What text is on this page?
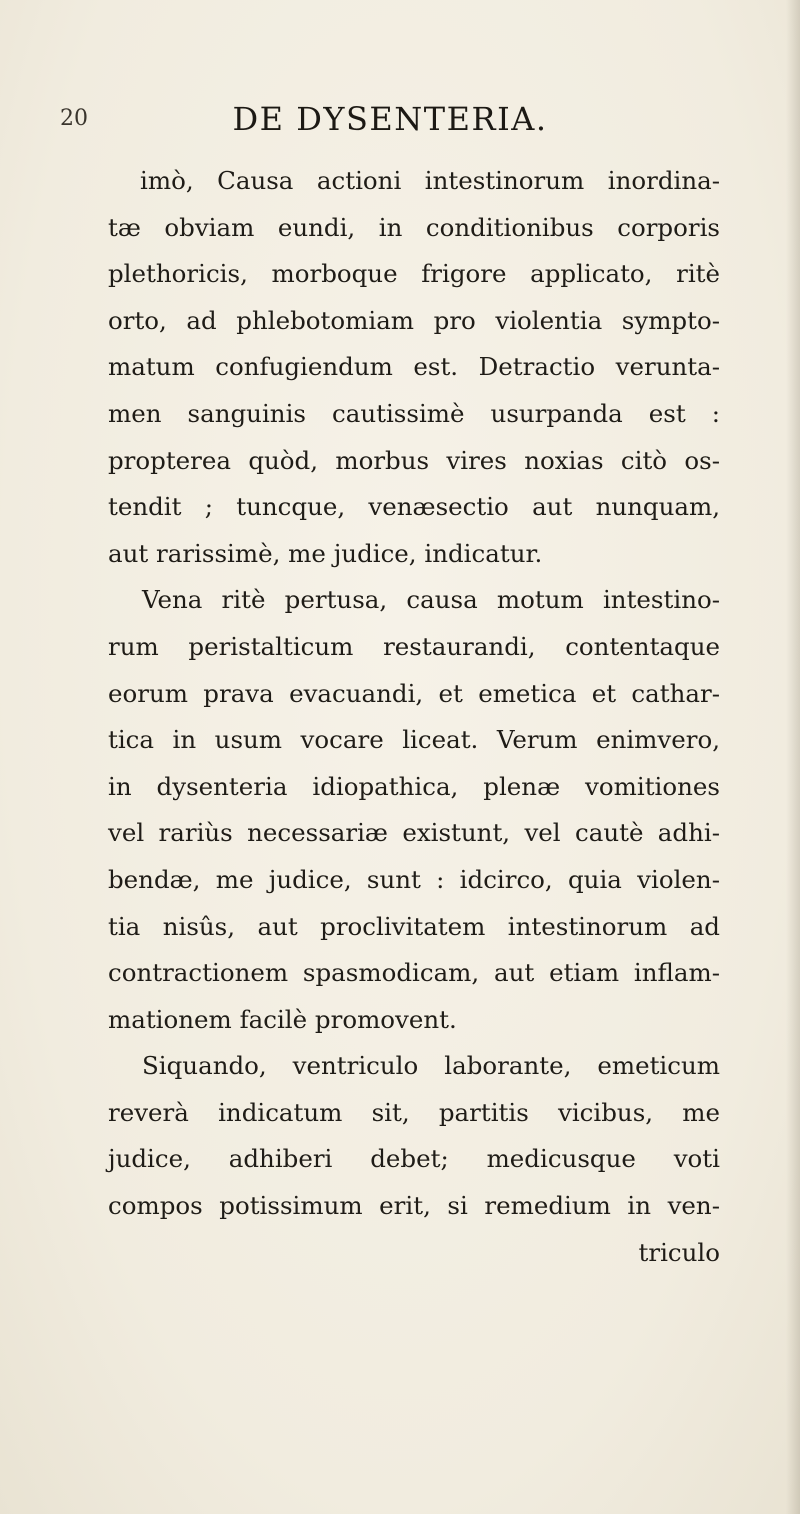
20	DE DYSENTERIA.
imò, Causa actioni intestinorum inordina-
tæ obviam eundi, in conditionibus corporis
plethoricis, morboque frigore applicato, ritè
orto, ad phlebotomiam pro violentia sympto-
matum confugiendum est. Detractio verunta-
men sanguinis cautissimè usurpanda est :
propterea quòd, morbus vires noxias citò os-
tendit ; tuncque, venæsectio aut nunquam,
aut rarissimè, me judice, indicatur.
Vena ritè pertusa, causa motum intestino-
rum peristalticum restaurandi, contentaque
eorum prava evacuandi, et emetica et cathar-
tica in usum vocare liceat. Verum enimvero,
in dysenteria idiopathica, plenæ vomitiones
vel rariùs necessariæ existunt, vel cautè adhi-
bendæ, me judice, sunt : idcirco, quia violen-
tia nisûs, aut proclivitatem intestinorum ad
contractionem spasmodicam, aut etiam inflam-
mationem facilè promovent.
Siquando, ventriculo laborante, emeticum
reverà indicatum sit, partitis vicibus, me
judice, adhiberi debet; medicusque voti
compos potissimum erit, si remedium in ven-
triculo
